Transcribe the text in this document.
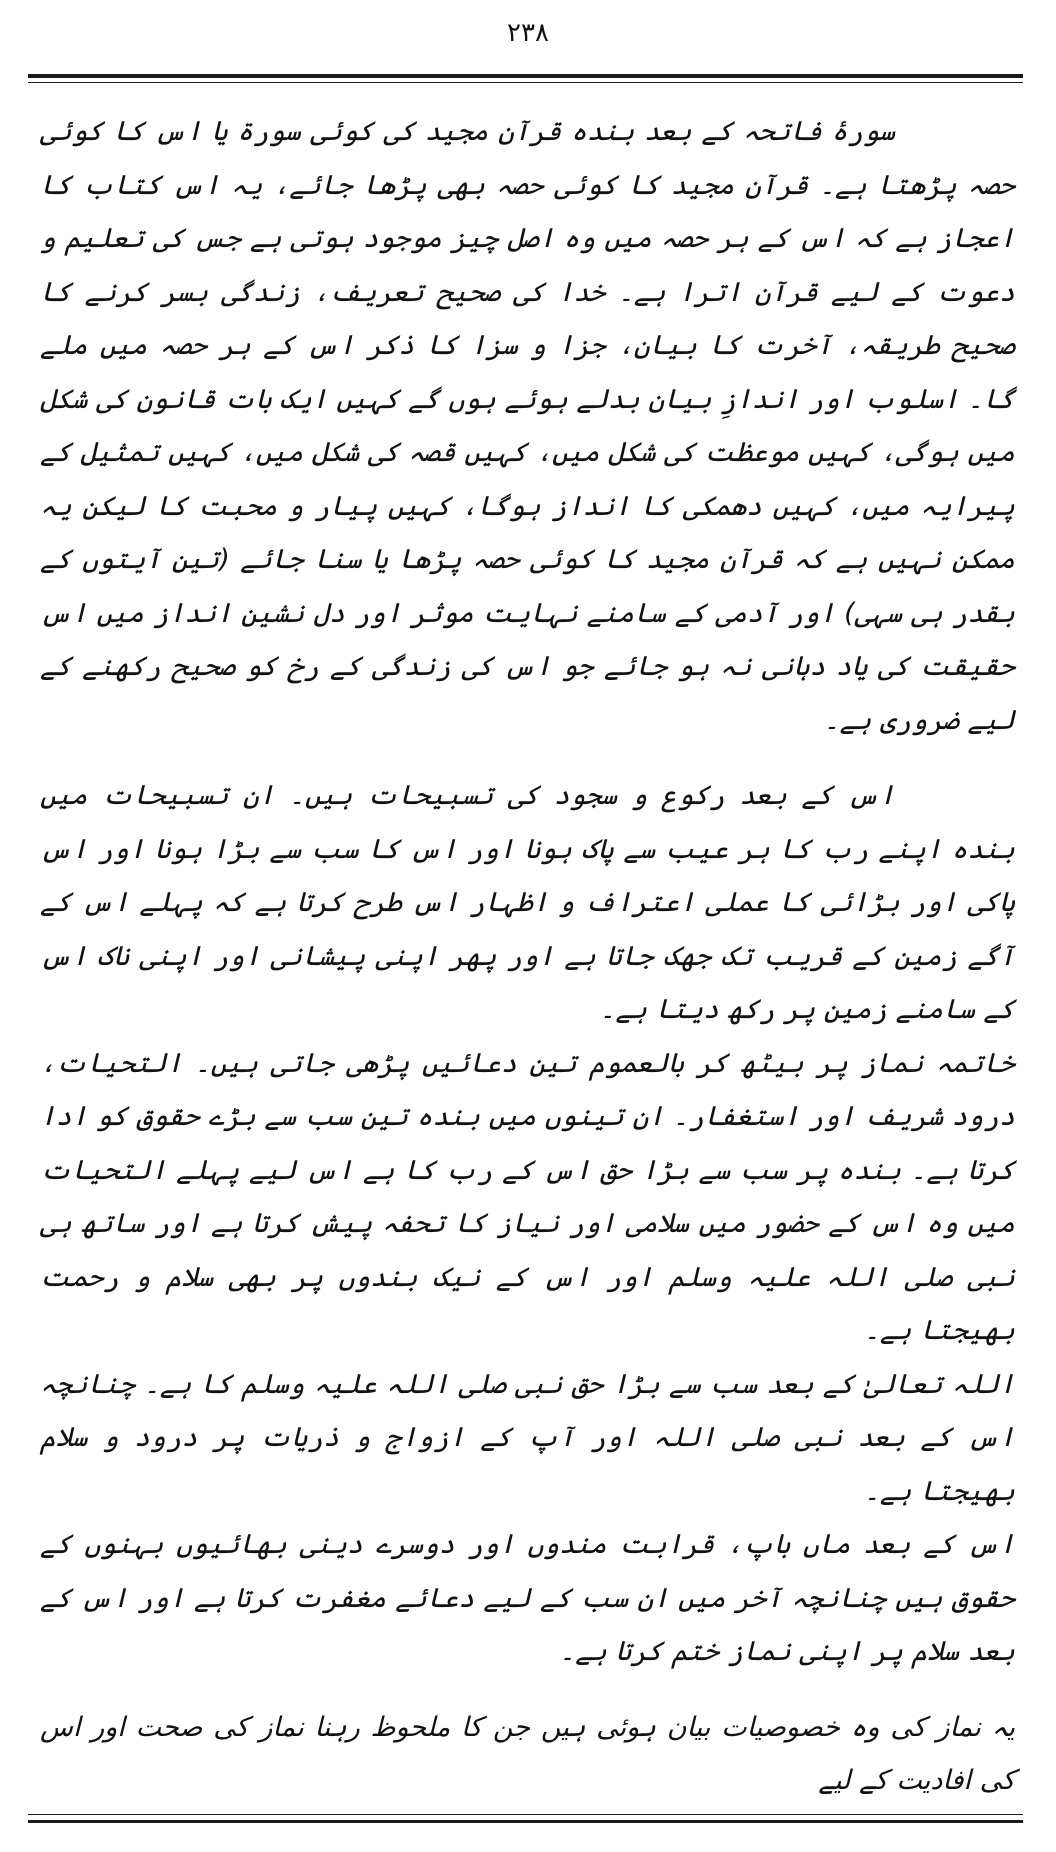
۲۳۸

سورۂ فاتحہ کے بعد بندہ قرآن مجید کی کوئی سورۃ یا اس کا کوئی حصہ پڑھتا ہے۔ قرآن مجید کا کوئی حصہ بھی پڑھا جائے، یہ اس کتاب کا اعجاز ہے کہ اس کے ہر حصہ میں وہ اصل چیز موجود ہوتی ہے جس کی تعلیم و دعوت کے لیے قرآن اترا ہے۔ خدا کی صحیح تعریف، زندگی بسر کرنے کا صحیح طریقہ، آخرت کا بیان، جزا و سزا کا ذکر اس کے ہر حصہ میں ملے گا۔ اسلوب اور اندازِ بیان بدلے ہوئے ہوں گے کہیں ایک بات قانون کی شکل میں ہوگی، کہیں موعظت کی شکل میں، کہیں قصہ کی شکل میں، کہیں تمثیل کے پیرایہ میں، کہیں دھمکی کا انداز ہوگا، کہیں پیار و محبت کا لیکن یہ ممکن نہیں ہے کہ قرآن مجید کا کوئی حصہ پڑھا یا سنا جائے (تین آیتوں کے بقدر ہی سہی) اور آدمی کے سامنے نہایت موثر اور دل نشین انداز میں اس حقیقت کی یاد دہانی نہ ہو جائے جو اس کی زندگی کے رخ کو صحیح رکھنے کے لیے ضروری ہے۔

اس کے بعد رکوع و سجود کی تسبیحات ہیں۔ ان تسبیحات میں بندہ اپنے رب کا ہر عیب سے پاک ہونا اور اس کا سب سے بڑا ہونا اور اس پاکی اور بڑائی کا عملی اعتراف و اظہار اس طرح کرتا ہے کہ پہلے اس کے آگے زمین کے قریب تک جھک جاتا ہے اور پھر اپنی پیشانی اور اپنی ناک اس کے سامنے زمین پر رکھ دیتا ہے۔

خاتمہ نماز پر بیٹھ کر بالعموم تین دعائیں پڑھی جاتی ہیں۔ التحیات، درود شریف اور استغفار۔ ان تینوں میں بندہ تین سب سے بڑے حقوق کو ادا کرتا ہے۔ بندہ پر سب سے بڑا حق اس کے رب کا ہے اس لیے پہلے التحیات میں وہ اس کے حضور میں سلامی اور نیاز کا تحفہ پیش کرتا ہے اور ساتھ ہی نبی صلی اللہ علیہ وسلم اور اس کے نیک بندوں پر بھی سلام و رحمت بھیجتا ہے۔

اللہ تعالیٰ کے بعد سب سے بڑا حق نبی صلی اللہ علیہ وسلم کا ہے۔ چنانچہ اس کے بعد نبی صلی اللہ اور آپ کے ازواج و ذریات پر درود و سلام بھیجتا ہے۔

اس کے بعد ماں باپ، قرابت مندوں اور دوسرے دینی بھائیوں بہنوں کے حقوق ہیں چنانچہ آخر میں ان سب کے لیے دعائے مغفرت کرتا ہے اور اس کے بعد سلام پر اپنی نماز ختم کرتا ہے۔

یہ نماز کی وہ خصوصیات بیان ہوئی ہیں جن کا ملحوظ رہنا نماز کی صحت اور اس کی افادیت کے لیے
